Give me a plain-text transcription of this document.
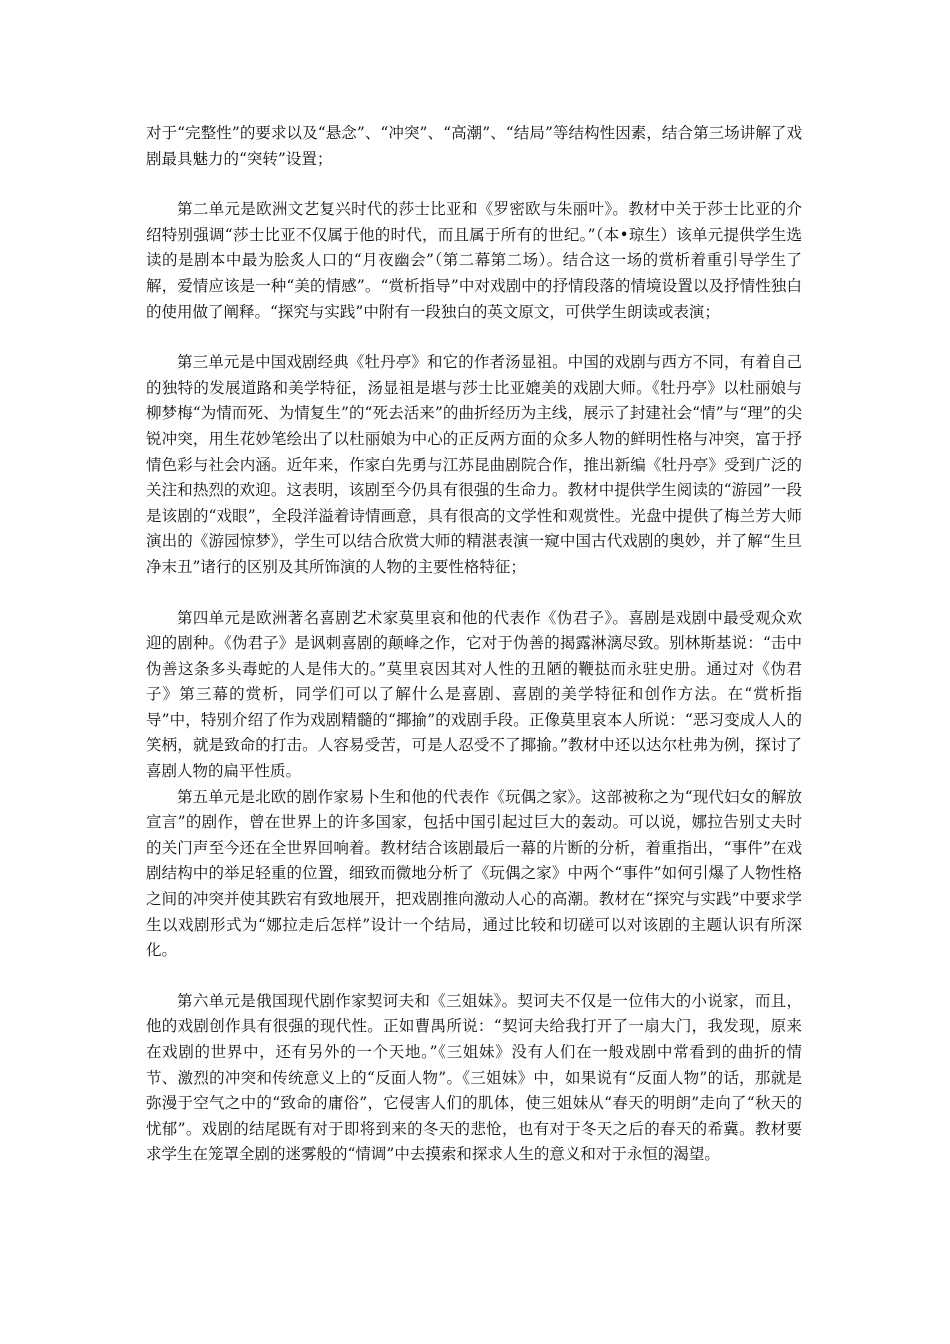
对于“完整性”的要求以及“悬念”、“冲突”、“高潮”、“结局”等结构性因素，结合第三场讲解了戏剧最具魅力的“突转”设置；

第二单元是欧洲文艺复兴时代的莎士比亚和《罗密欧与朱丽叶》。教材中关于莎士比亚的介绍特别强调“莎士比亚不仅属于他的时代，而且属于所有的世纪。”（本•琼生）该单元提供学生选读的是剧本中最为脍炙人口的“月夜幽会”（第二幕第二场）。结合这一场的赏析着重引导学生了解，爱情应该是一种“美的情感”。“赏析指导”中对戏剧中的抒情段落的情境设置以及抒情性独白的使用做了阐释。“探究与实践”中附有一段独白的英文原文，可供学生朗读或表演；

第三单元是中国戏剧经典《牡丹亭》和它的作者汤显祖。中国的戏剧与西方不同，有着自己的独特的发展道路和美学特征，汤显祖是堪与莎士比亚媲美的戏剧大师。《牡丹亭》以杜丽娘与柳梦梅“为情而死、为情复生”的“死去活来”的曲折经历为主线，展示了封建社会“情”与“理”的尖锐冲突，用生花妙笔绘出了以杜丽娘为中心的正反两方面的众多人物的鲜明性格与冲突，富于抒情色彩与社会内涵。近年来，作家白先勇与江苏昆曲剧院合作，推出新编《牡丹亭》受到广泛的关注和热烈的欢迎。这表明，该剧至今仍具有很强的生命力。教材中提供学生阅读的“游园”一段是该剧的“戏眼”，全段洋溢着诗情画意，具有很高的文学性和观赏性。光盘中提供了梅兰芳大师演出的《游园惊梦》，学生可以结合欣赏大师的精湛表演一窥中国古代戏剧的奥妙，并了解“生旦净末丑”诸行的区别及其所饰演的人物的主要性格特征；

第四单元是欧洲著名喜剧艺术家莫里哀和他的代表作《伪君子》。喜剧是戏剧中最受观众欢迎的剧种。《伪君子》是讽刺喜剧的颠峰之作，它对于伪善的揭露淋漓尽致。别林斯基说：“击中伪善这条多头毒蛇的人是伟大的。”莫里哀因其对人性的丑陋的鞭挞而永驻史册。通过对《伪君子》第三幕的赏析，同学们可以了解什么是喜剧、喜剧的美学特征和创作方法。在“赏析指导”中，特别介绍了作为戏剧精髓的“揶揄”的戏剧手段。正像莫里哀本人所说：“恶习变成人人的笑柄，就是致命的打击。人容易受苦，可是人忍受不了揶揄。”教材中还以达尔杜弗为例，探讨了喜剧人物的扁平性质。

第五单元是北欧的剧作家易卜生和他的代表作《玩偶之家》。这部被称之为“现代妇女的解放宣言”的剧作，曾在世界上的许多国家，包括中国引起过巨大的轰动。可以说，娜拉告别丈夫时的关门声至今还在全世界回响着。教材结合该剧最后一幕的片断的分析，着重指出，“事件”在戏剧结构中的举足轻重的位置，细致而微地分析了《玩偶之家》中两个“事件”如何引爆了人物性格之间的冲突并使其跌宕有致地展开，把戏剧推向激动人心的高潮。教材在“探究与实践”中要求学生以戏剧形式为“娜拉走后怎样”设计一个结局，通过比较和切磋可以对该剧的主题认识有所深化。

第六单元是俄国现代剧作家契诃夫和《三姐妹》。契诃夫不仅是一位伟大的小说家，而且，他的戏剧创作具有很强的现代性。正如曹禺所说：“契诃夫给我打开了一扇大门，我发现，原来在戏剧的世界中，还有另外的一个天地。”《三姐妹》没有人们在一般戏剧中常看到的曲折的情节、激烈的冲突和传统意义上的“反面人物”。《三姐妹》中，如果说有“反面人物”的话，那就是弥漫于空气之中的“致命的庸俗”，它侵害人们的肌体，使三姐妹从“春天的明朗”走向了“秋天的忧郁”。戏剧的结尾既有对于即将到来的冬天的悲怆，也有对于冬天之后的春天的希冀。教材要求学生在笼罩全剧的迷雾般的“情调”中去摸索和探求人生的意义和对于永恒的渴望。
